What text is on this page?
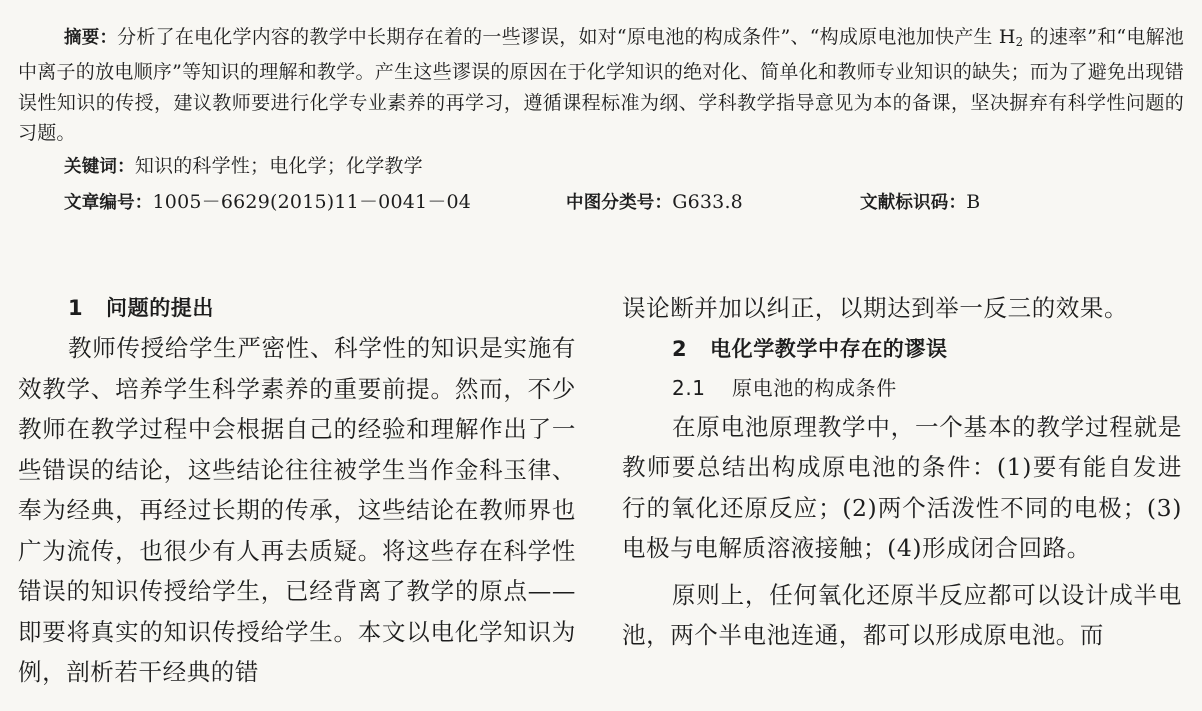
摘要：分析了在电化学内容的教学中长期存在着的一些谬误，如对“原电池的构成条件”、“构成原电池加快产生 $H_2$ 的速率”和“电解池中离子的放电顺序”等知识的理解和教学。产生这些谬误的原因在于化学知识的绝对化、简单化和教师专业知识的缺失；而为了避免出现错误性知识的传授，建议教师要进行化学专业素养的再学习，遵循课程标准为纲、学科教学指导意见为本的备课，坚决摒弃有科学性问题的习题。

关键词：知识的科学性；电化学；化学教学

文章编号：1005－6629(2015)11－0041－04	中图分类号：G633.8	文献标识码：B
1 问题的提出

教师传授给学生严密性、科学性的知识是实施有效教学、培养学生科学素养的重要前提。然而，不少教师在教学过程中会根据自己的经验和理解作出了一些错误的结论，这些结论往往被学生当作金科玉律、奉为经典，再经过长期的传承，这些结论在教师界也广为流传，也很少有人再去质疑。将这些存在科学性错误的知识传授给学生，已经背离了教学的原点——即要将真实的知识传授给学生。本文以电化学知识为例，剖析若干经典的错

误论断并加以纠正，以期达到举一反三的效果。

2 电化学教学中存在的谬误
2.1 原电池的构成条件

在原电池原理教学中，一个基本的教学过程就是教师要总结出构成原电池的条件：(1)要有能自发进行的氧化还原反应；(2)两个活泼性不同的电极；(3)电极与电解质溶液接触；(4)形成闭合回路。

原则上，任何氧化还原半反应都可以设计成半电池，两个半电池连通，都可以形成原电池。而
